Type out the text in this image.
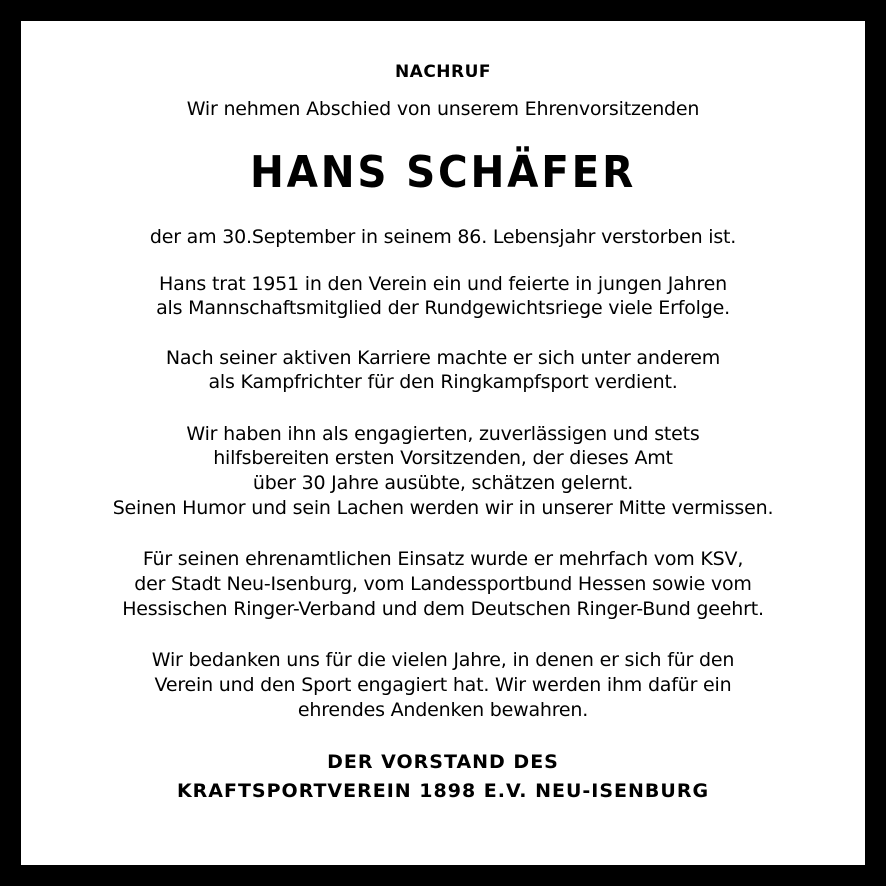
NACHRUF

Wir nehmen Abschied von unserem Ehrenvorsitzenden

HANS SCHÄFER

der am 30.September in seinem 86. Lebensjahr verstorben ist.

Hans trat 1951 in den Verein ein und feierte in jungen Jahren

als Mannschaftsmitglied der Rundgewichtsriege viele Erfolge.

Nach seiner aktiven Karriere machte er sich unter anderem

als Kampfrichter für den Ringkampfsport verdient.

Wir haben ihn als engagierten, zuverlässigen und stets

hilfsbereiten ersten Vorsitzenden, der dieses Amt

über 30 Jahre ausübte, schätzen gelernt.

Seinen Humor und sein Lachen werden wir in unserer Mitte vermissen.

Für seinen ehrenamtlichen Einsatz wurde er mehrfach vom KSV,

der Stadt Neu-Isenburg, vom Landessportbund Hessen sowie vom

Hessischen Ringer-Verband und dem Deutschen Ringer-Bund geehrt.

Wir bedanken uns für die vielen Jahre, in denen er sich für den

Verein und den Sport engagiert hat. Wir werden ihm dafür ein

ehrendes Andenken bewahren.

DER VORSTAND DES

KRAFTSPORTVEREIN 1898 E.V. NEU-ISENBURG
